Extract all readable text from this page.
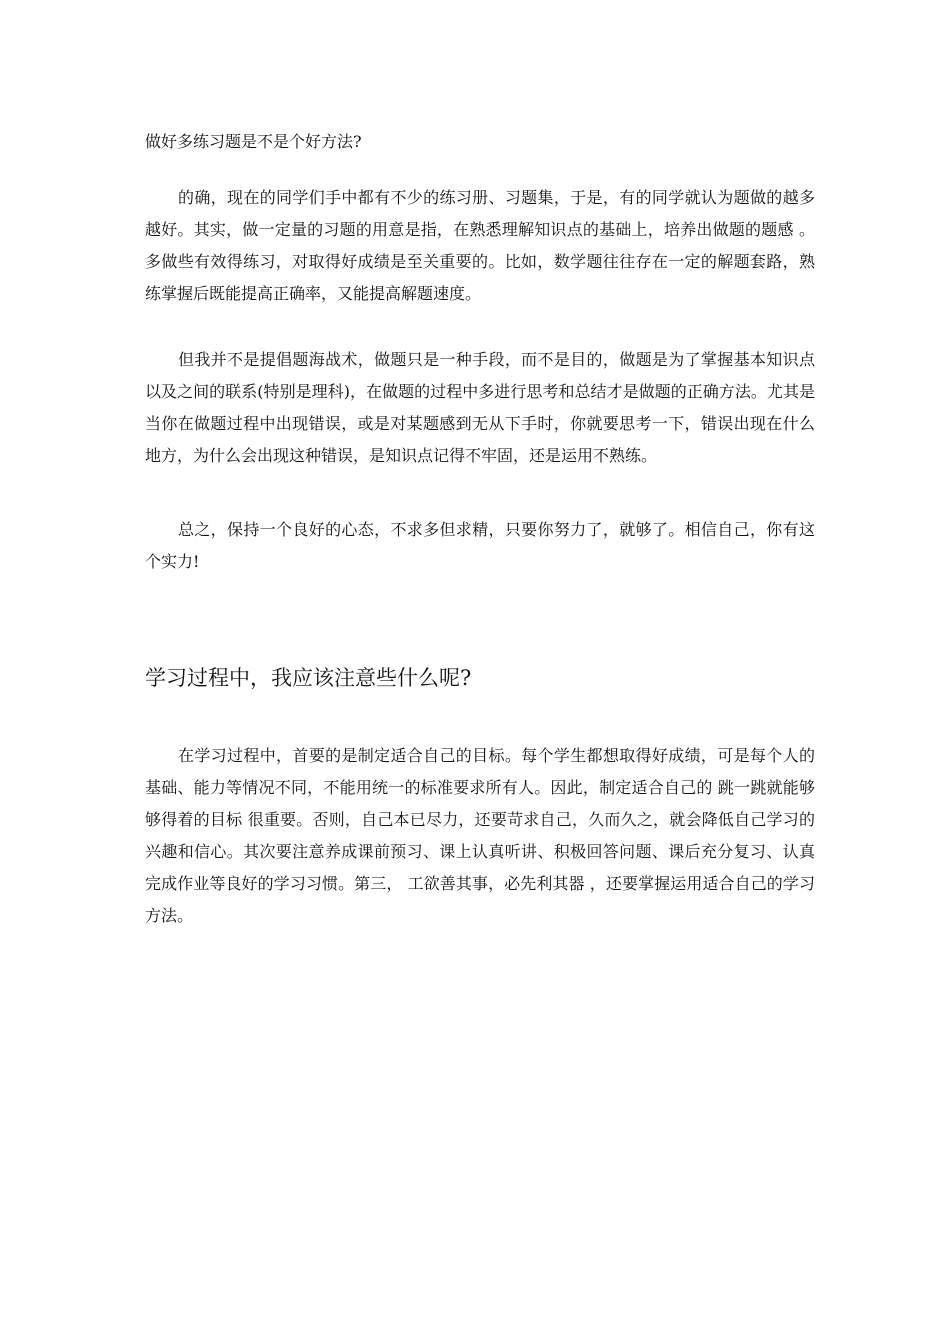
做好多练习题是不是个好方法?

的确，现在的同学们手中都有不少的练习册、习题集，于是，有的同学就认为题做的越多越好。其实，做一定量的习题的用意是指，在熟悉理解知识点的基础上，培养出做题的题感 。多做些有效得练习，对取得好成绩是至关重要的。比如，数学题往往存在一定的解题套路，熟练掌握后既能提高正确率，又能提高解题速度。

但我并不是提倡题海战术，做题只是一种手段，而不是目的，做题是为了掌握基本知识点以及之间的联系(特别是理科)，在做题的过程中多进行思考和总结才是做题的正确方法。尤其是当你在做题过程中出现错误，或是对某题感到无从下手时，你就要思考一下，错误出现在什么地方，为什么会出现这种错误，是知识点记得不牢固，还是运用不熟练。

总之，保持一个良好的心态，不求多但求精，只要你努力了，就够了。相信自己，你有这个实力!

学习过程中，我应该注意些什么呢?

在学习过程中，首要的是制定适合自己的目标。每个学生都想取得好成绩，可是每个人的基础、能力等情况不同，不能用统一的标准要求所有人。因此，制定适合自己的 跳一跳就能够够得着的目标 很重要。否则，自己本已尽力，还要苛求自己，久而久之，就会降低自己学习的兴趣和信心。其次要注意养成课前预习、课上认真听讲、积极回答问题、课后充分复习、认真完成作业等良好的学习习惯。第三， 工欲善其事，必先利其器 ，还要掌握运用适合自己的学习方法。
